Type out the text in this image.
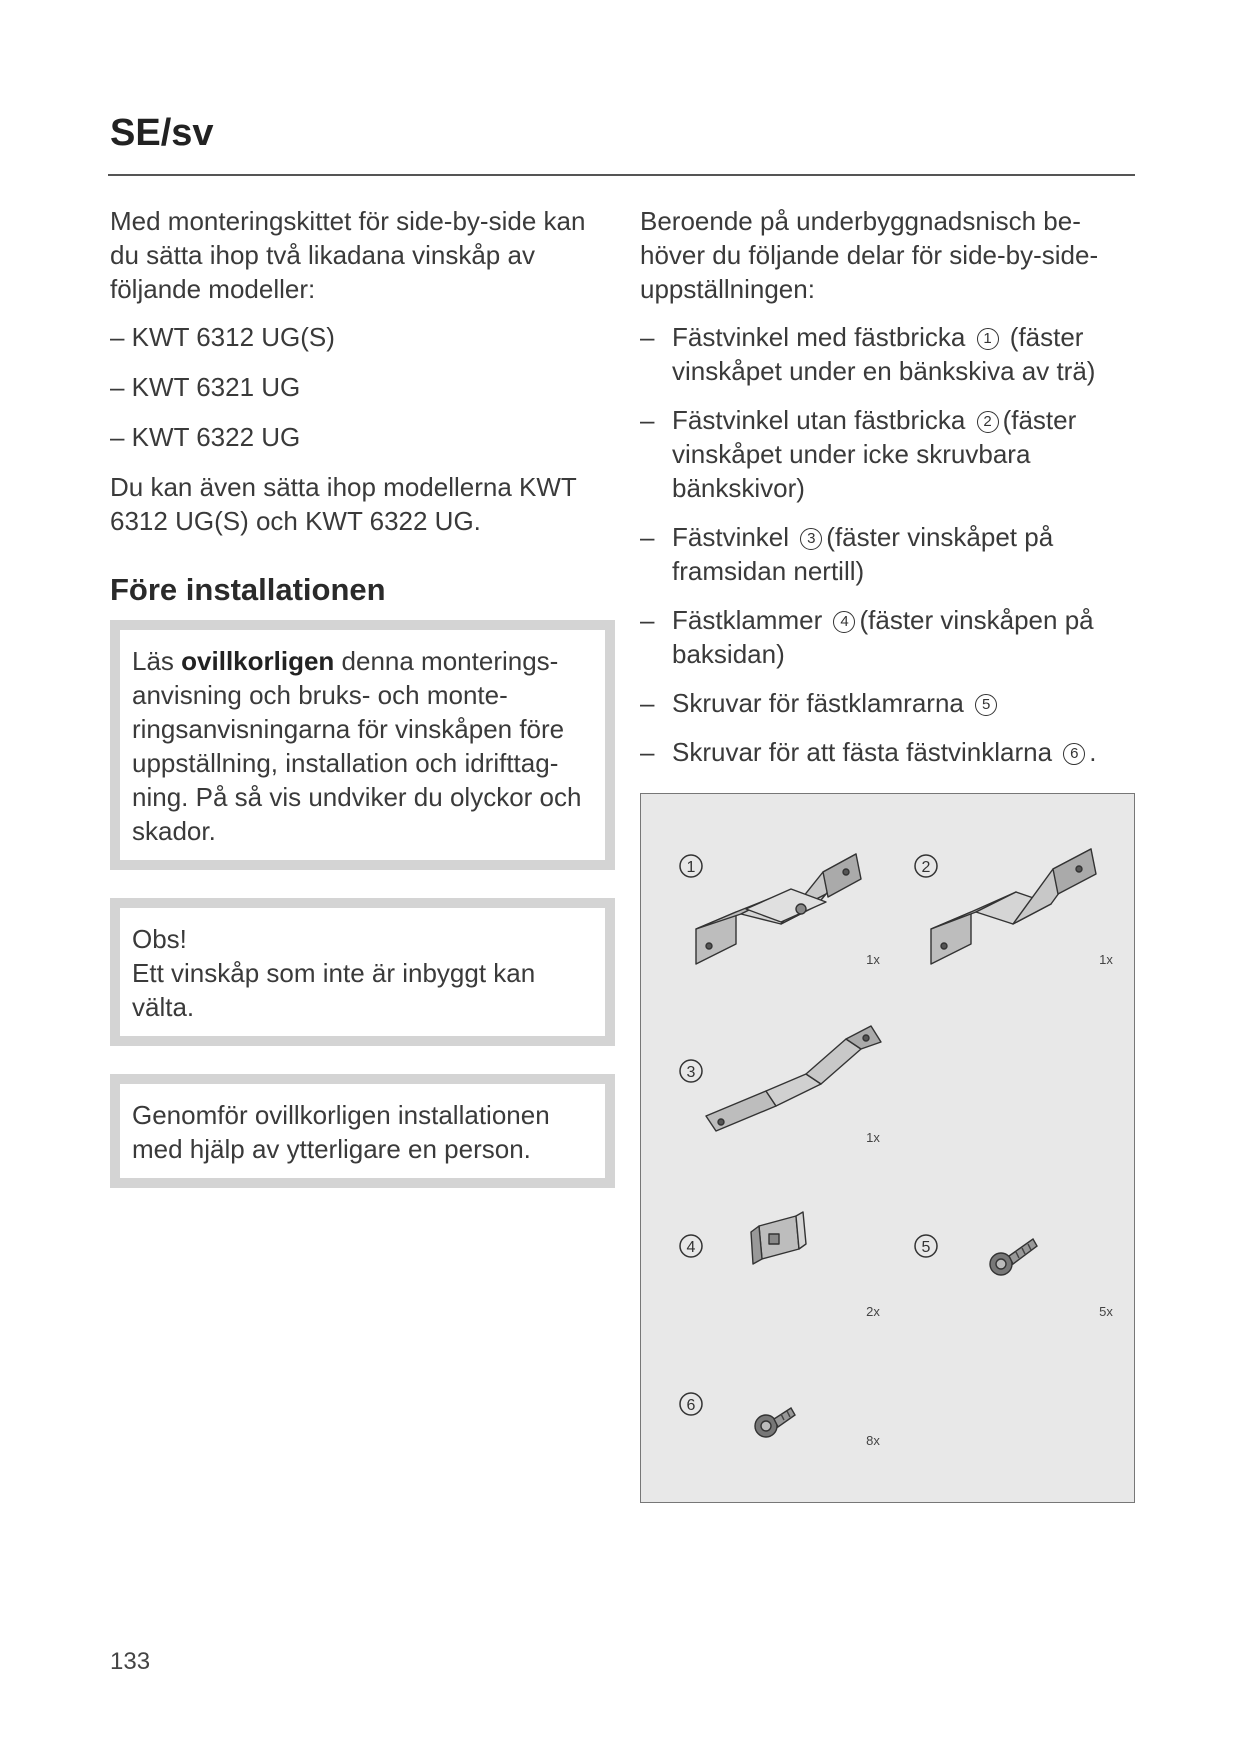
SE/sv

Med monteringskittet för side-by-side kan du sätta ihop två likadana vinskåp av följande modeller:

– KWT 6312 UG(S)
– KWT 6321 UG
– KWT 6322 UG

Du kan även sätta ihop modellerna KWT 6312 UG(S) och KWT 6322 UG.

Före installationen
Läs ovillkorligen denna monterings-anvisning och bruks- och monte-ringsanvisningarna för vinskåpen före uppställning, installation och idrifttag-ning. På så vis undviker du olyckor och skador.
Obs!
Ett vinskåp som inte är inbyggt kan välta.
Genomför ovillkorligen installationen med hjälp av ytterligare en person.

Beroende på underbyggnadsnisch be-höver du följande delar för side-by-side-uppställningen:

– Fästvinkel med fästbricka 1 (fäster vinskåpet under en bänkskiva av trä)
– Fästvinkel utan fästbricka 2 (fäster vinskåpet under icke skruvbara bänkskivor)
– Fästvinkel 3 (fäster vinskåpet på framsidan nertill)
– Fästklammer 4 (fäster vinskåpen på baksidan)
– Skruvar för fästklamrarna 5
– Skruvar för att fästa fästvinklarna 6 .
1	2
3
4	5
6
1x	1x
1x
2x	5x
8x
133
